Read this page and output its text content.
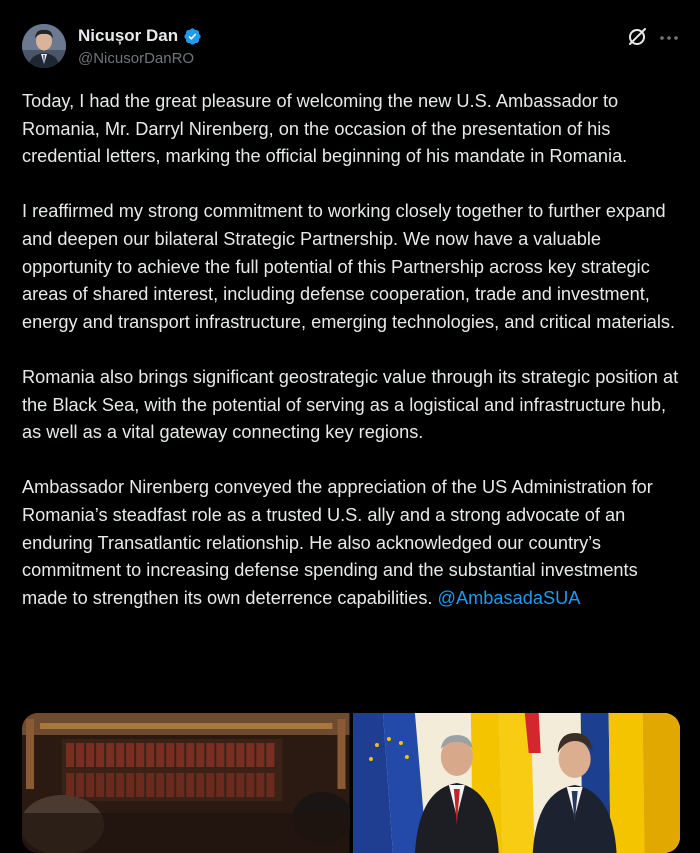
Nicușor Dan
@NicusorDanRO

Today, I had the great pleasure of welcoming the new U.S. Ambassador to Romania, Mr. Darryl Nirenberg, on the occasion of the presentation of his credential letters, marking the official beginning of his mandate in Romania.

I reaffirmed my strong commitment to working closely together to further expand and deepen our bilateral Strategic Partnership. We now have a valuable opportunity to achieve the full potential of this Partnership across key strategic areas of shared interest, including defense cooperation, trade and investment, energy and transport infrastructure, emerging technologies, and critical materials.

Romania also brings significant geostrategic value through its strategic position at the Black Sea, with the potential of serving as a logistical and infrastructure hub, as well as a vital gateway connecting key regions.

Ambassador Nirenberg conveyed the appreciation of the US Administration for Romania’s steadfast role as a trusted U.S. ally and a strong advocate of an enduring Transatlantic relationship. He also acknowledged our country’s commitment to increasing defense spending and the substantial investments made to strengthen its own deterrence capabilities. @AmbasadaSUA
